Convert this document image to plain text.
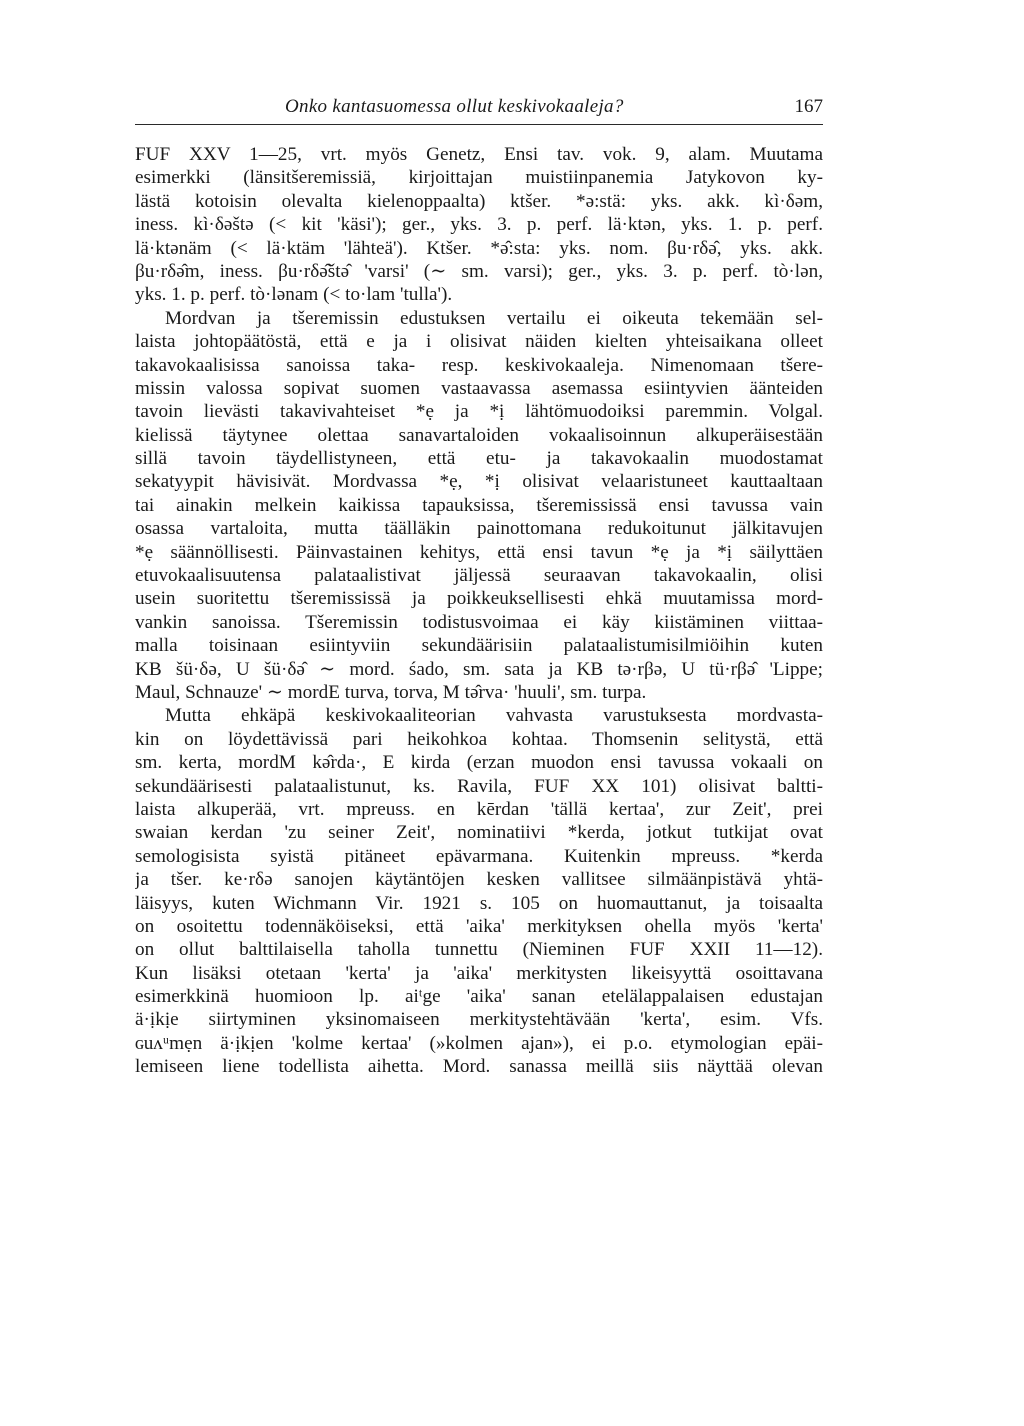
Onko kantasuomessa ollut keskivokaaleja?	167
FUF XXV 1—25, vrt. myös Genetz, Ensi tav. vok. 9, alam. Muutama
esimerkki (länsitšeremissiä, kirjoittajan muistiinpanemia Jatykovon ky-
lästä kotoisin olevalta kielenoppaalta) ktšer. *ə:stä: yks. akk. kì·δəm,
iness. kì·δəštə (< kit 'käsi'); ger., yks. 3. p. perf. lä·ktən, yks. 1. p. perf.
lä·ktənäm (< lä·ktäm 'lähteä'). Ktšer. *ə̂:sta: yks. nom. βu·rδə̂, yks. akk.
βu·rδə̂m, iness. βu·rδə̂štə̂ 'varsi' (∼ sm. varsi); ger., yks. 3. p. perf. tò·lən,
yks. 1. p. perf. tò·lənam (< to·lam 'tulla').
Mordvan ja tšeremissin edustuksen vertailu ei oikeuta tekemään sel-
laista johtopäätöstä, että e ja i olisivat näiden kielten yhteisaikana olleet
takavokaalisissa sanoissa taka- resp. keskivokaaleja. Nimenomaan tšere-
missin valossa sopivat suomen vastaavassa asemassa esiintyvien äänteiden
tavoin lievästi takavivahteiset *ẹ ja *ị lähtömuodoiksi paremmin. Volgal.
kielissä täytynee olettaa sanavartaloiden vokaalisoinnun alkuperäisestään
sillä tavoin täydellistyneen, että etu- ja takavokaalin muodostamat
sekatyypit hävisivät. Mordvassa *ẹ, *ị olisivat velaaristuneet kauttaaltaan
tai ainakin melkein kaikissa tapauksissa, tšeremississä ensi tavussa vain
osassa vartaloita, mutta täälläkin painottomana redukoitunut jälkitavujen
*ẹ säännöllisesti. Päinvastainen kehitys, että ensi tavun *ẹ ja *ị säilyttäen
etuvokaalisuutensa palataalistivat jäljessä seuraavan takavokaalin, olisi
usein suoritettu tšeremississä ja poikkeuksellisesti ehkä muutamissa mord-
vankin sanoissa. Tšeremissin todistusvoimaa ei käy kiistäminen viittaa-
malla toisinaan esiintyviin sekundäärisiin palataalistumisilmiöihin kuten
KB šü·δə, U šü·δə̂ ∼ mord. śado, sm. sata ja KB tə·rβə, U tü·rβə̂ 'Lippe;
Maul, Schnauze' ∼ mordE turva, torva, M tə̂rva· 'huuli', sm. turpa.
Mutta ehkäpä keskivokaaliteorian vahvasta varustuksesta mordvasta-
kin on löydettävissä pari heikohkoa kohtaa. Thomsenin selitystä, että
sm. kerta, mordM kə̂rda·, E kirda (erzan muodon ensi tavussa vokaali on
sekundäärisesti palataalistunut, ks. Ravila, FUF XX 101) olisivat baltti-
laista alkuperää, vrt. mpreuss. en kērdan 'tällä kertaa', zur Zeit', prei
swaian kerdan 'zu seiner Zeit', nominatiivi *kerda, jotkut tutkijat ovat
semologisista syistä pitäneet epävarmana. Kuitenkin mpreuss. *kerda
ja tšer. ke·rδə sanojen käytäntöjen kesken vallitsee silmäänpistävä yhtä-
läisyys, kuten Wichmann Vir. 1921 s. 105 on huomauttanut, ja toisaalta
on osoitettu todennäköiseksi, että 'aika' merkityksen ohella myös 'kerta'
on ollut balttilaisella taholla tunnettu (Nieminen FUF XXII 11—12).
Kun lisäksi otetaan 'kerta' ja 'aika' merkitysten likeisyyttä osoittavana
esimerkkinä huomioon lp. aiᵗge 'aika' sanan etelälappalaisen edustajan
ä·ịkịe siirtyminen yksinomaiseen merkitystehtävään 'kerta', esim. Vfs.
ɢuʌᵘmẹn ä·ịkịen 'kolme kertaa' (»kolmen ajan»), ei p.o. etymologian epäi-
lemiseen liene todellista aihetta. Mord. sanassa meillä siis näyttää olevan
